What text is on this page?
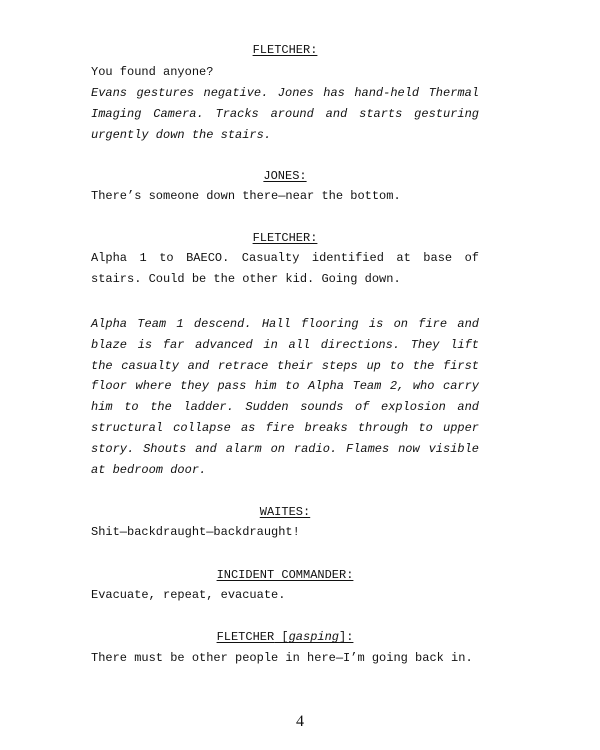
FLETCHER:

You found anyone?

Evans gestures negative. Jones has hand-held Thermal Imaging Camera. Tracks around and starts gesturing urgently down the stairs.

JONES:

There’s someone down there—near the bottom.

FLETCHER:

Alpha 1 to BAECO. Casualty identified at base of stairs. Could be the other kid. Going down.

Alpha Team 1 descend. Hall flooring is on fire and blaze is far advanced in all directions. They lift the casualty and retrace their steps up to the first floor where they pass him to Alpha Team 2, who carry him to the ladder. Sudden sounds of explosion and structural collapse as fire breaks through to upper story. Shouts and alarm on radio. Flames now visible at bedroom door.

WAITES:

Shit—backdraught—backdraught!

INCIDENT COMMANDER:

Evacuate, repeat, evacuate.

FLETCHER [gasping]:

There must be other people in here—I’m going back in.

4
